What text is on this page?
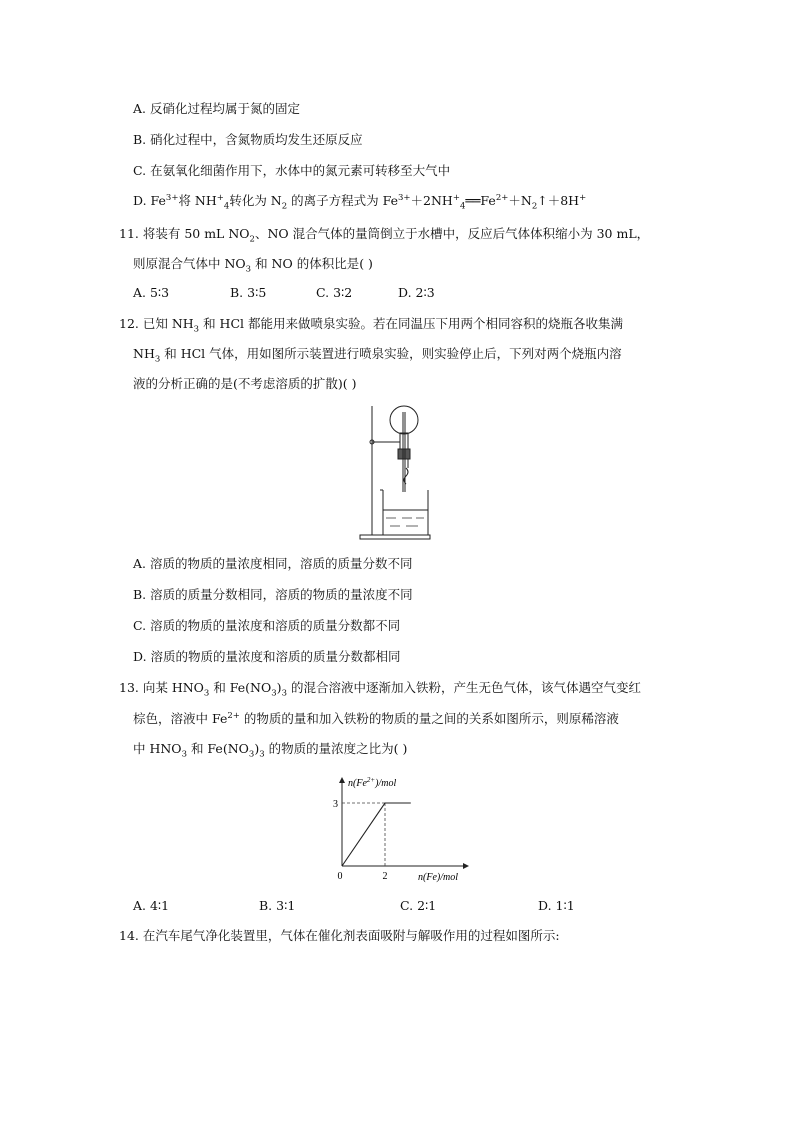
A. 反硝化过程均属于氮的固定
B. 硝化过程中，含氮物质均发生还原反应
C. 在氨氧化细菌作用下，水体中的氮元素可转移至大气中
D. $Fe^{3+}$将 $NH^+_4$转化为 $N_2$ 的离子方程式为 $Fe^{3+}+2NH^+_4══Fe^{2+}+N_2↑+8H^+$
11. 将装有 50 mL $NO_2$、NO 混合气体的量筒倒立于水槽中，反应后气体体积缩小为 30 mL，
则原混合气体中 $NO_3$ 和 NO 的体积比是( )
A. 5∶3	B. 3∶5	C. 3∶2	D. 2∶3
12. 已知 $NH_3$ 和 HCl 都能用来做喷泉实验。若在同温压下用两个相同容积的烧瓶各收集满
$NH_3$ 和 HCl 气体，用如图所示装置进行喷泉实验，则实验停止后，下列对两个烧瓶内溶
液的分析正确的是(不考虑溶质的扩散)( )
A. 溶质的物质的量浓度相同，溶质的质量分数不同
B. 溶质的质量分数相同，溶质的物质的量浓度不同
C. 溶质的物质的量浓度和溶质的质量分数都不同
D. 溶质的物质的量浓度和溶质的质量分数都相同
13. 向某 $HNO_3$ 和 $Fe(NO_3)_3$ 的混合溶液中逐渐加入铁粉，产生无色气体，该气体遇空气变红
棕色，溶液中 $Fe^{2+}$ 的物质的量和加入铁粉的物质的量之间的关系如图所示，则原稀溶液
中 $HNO_3$ 和 $Fe(NO_3)_3$ 的物质的量浓度之比为( )
$n(Fe^{2+})$/mol
3
2
0	n(Fe)/mol
A. 4∶1	B. 3∶1	C. 2∶1	D. 1∶1
14. 在汽车尾气净化装置里，气体在催化剂表面吸附与解吸作用的过程如图所示:
